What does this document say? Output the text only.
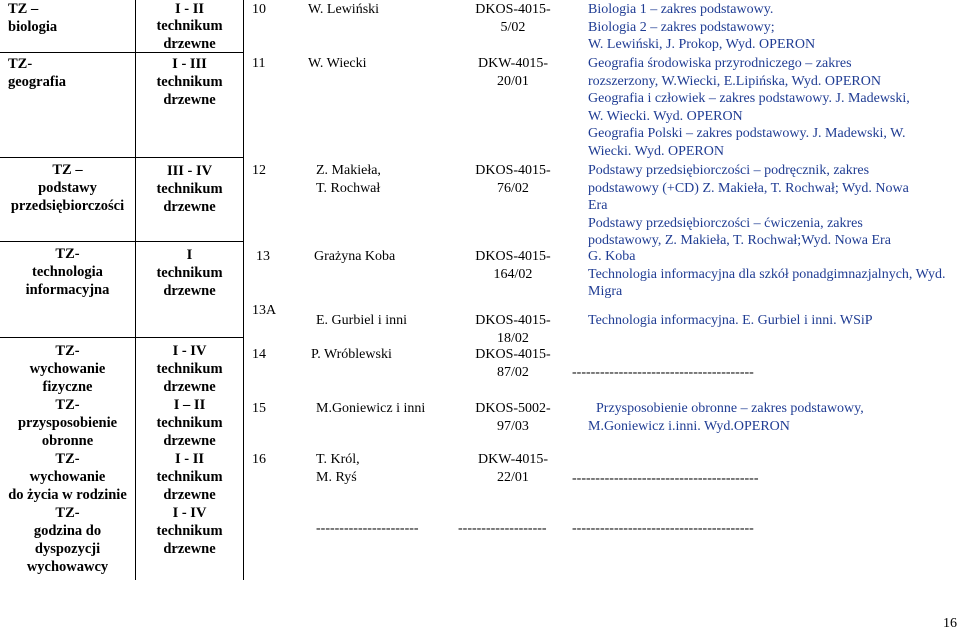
TZ –
biologia
TZ-
geografia
TZ –
podstawy
przedsiębiorczości
TZ-
technologia
informacyjna
TZ-
wychowanie
fizyczne
TZ-
przysposobienie
obronne
TZ-
wychowanie
do życia w rodzinie
TZ-
godzina do
dyspozycji
wychowawcy
I - II
technikum
drzewne
I - III
technikum
drzewne
III - IV
technikum
drzewne
I
technikum
drzewne
I - IV
technikum
drzewne
I – II
technikum
drzewne
I - II
technikum
drzewne
I - IV
technikum
drzewne
10
11
12
13
13A
14
15
16
W. Lewiński
W. Wiecki
Z. Makieła,
T. Rochwał
Grażyna Koba
E. Gurbiel i inni
P. Wróblewski
M.Goniewicz i inni
T. Król,
M. Ryś
----------------------
DKOS-4015-
5/02
DKW-4015-
20/01
DKOS-4015-
76/02
DKOS-4015-
164/02
DKOS-4015-
18/02
DKOS-4015-
87/02
DKOS-5002-
97/03
DKW-4015-
22/01
-------------------
Biologia 1 – zakres podstawowy.
Biologia 2 – zakres podstawowy;
W. Lewiński, J. Prokop, Wyd. OPERON
Geografia środowiska przyrodniczego – zakres
rozszerzony, W.Wiecki, E.Lipińska, Wyd. OPERON
Geografia i człowiek – zakres podstawowy. J. Madewski,
W. Wiecki. Wyd. OPERON
Geografia Polski – zakres podstawowy. J. Madewski, W.
Wiecki. Wyd. OPERON
Podstawy przedsiębiorczości – podręcznik, zakres
podstawowy (+CD) Z. Makieła, T. Rochwał; Wyd. Nowa
Era
Podstawy przedsiębiorczości – ćwiczenia, zakres
podstawowy, Z. Makieła, T. Rochwał;Wyd. Nowa Era
G. Koba
Technologia informacyjna dla szkół ponadgimnazjalnych, Wyd.
Migra
Technologia informacyjna. E. Gurbiel i inni. WSiP
---------------------------------------
Przysposobienie obronne – zakres podstawowy,
M.Goniewicz i.inni. Wyd.OPERON
----------------------------------------
---------------------------------------
16
